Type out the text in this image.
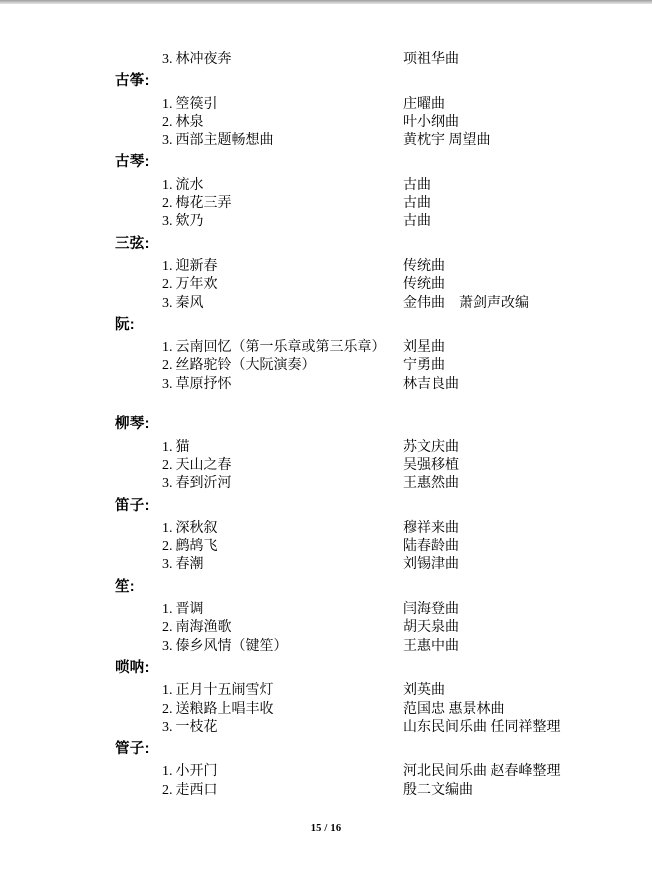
3. 林冲夜奔	项祖华曲
古筝:
1. 箜篌引	庄曜曲
2. 林泉	叶小纲曲
3. 西部主题畅想曲	黄枕宇 周望曲
古琴:
1. 流水	古曲
2. 梅花三弄	古曲
3. 欸乃	古曲
三弦:
1. 迎新春	传统曲
2. 万年欢	传统曲
3. 秦风	金伟曲　萧剑声改编
阮:
1. 云南回忆（第一乐章或第三乐章） 刘星曲
2. 丝路驼铃（大阮演奏）	宁勇曲
3. 草原抒怀	林吉良曲
柳琴:
1. 猫	苏文庆曲
2. 天山之春	吴强移植
3. 春到沂河	王惠然曲
笛子:
1. 深秋叙	穆祥来曲
2. 鹧鸪飞	陆春龄曲
3. 春潮	刘锡津曲
笙:
1. 晋调	闫海登曲
2. 南海渔歌	胡天泉曲
3. 傣乡风情（键笙）	王惠中曲
唢呐:
1. 正月十五闹雪灯	刘英曲
2. 送粮路上唱丰收	范国忠 惠景林曲
3. 一枝花	山东民间乐曲 任同祥整理
管子:
1. 小开门	河北民间乐曲 赵春峰整理
2. 走西口	殷二文编曲
15 / 16
